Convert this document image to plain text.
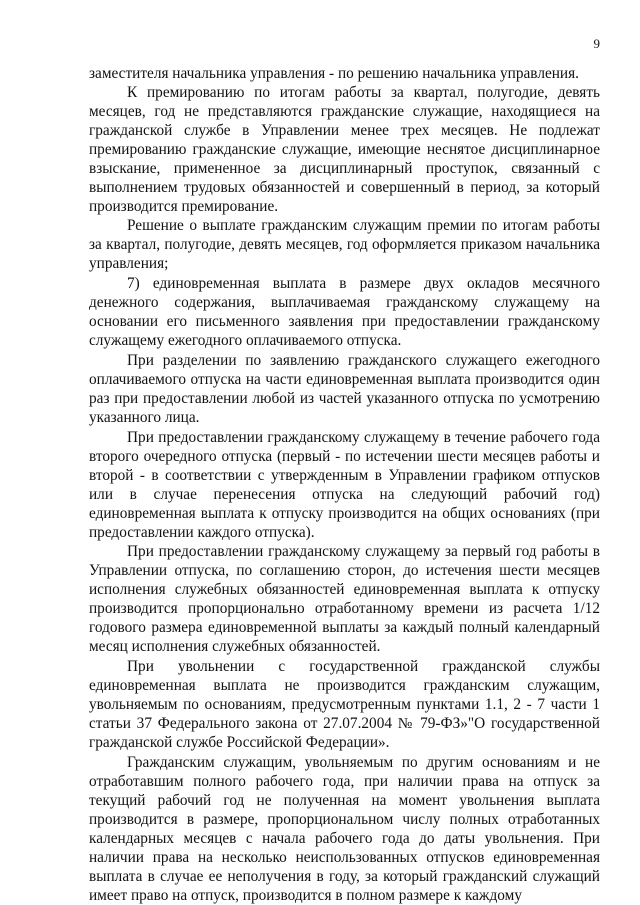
9

заместителя начальника управления - по решению начальника управления.

К премированию по итогам работы за квартал, полугодие, девять месяцев, год не представляются гражданские служащие, находящиеся на гражданской службе в Управлении менее трех месяцев. Не подлежат премированию гражданские служащие, имеющие неснятое дисциплинарное взыскание, примененное за дисциплинарный проступок, связанный с выполнением трудовых обязанностей и совершенный в период, за который производится премирование.

Решение о выплате гражданским служащим премии по итогам работы за квартал, полугодие, девять месяцев, год оформляется приказом начальника управления;

7) единовременная выплата в размере двух окладов месячного денежного содержания, выплачиваемая гражданскому служащему на основании его письменного заявления при предоставлении гражданскому служащему ежегодного оплачиваемого отпуска.

При разделении по заявлению гражданского служащего ежегодного оплачиваемого отпуска на части единовременная выплата производится один раз при предоставлении любой из частей указанного отпуска по усмотрению указанного лица.

При предоставлении гражданскому служащему в течение рабочего года второго очередного отпуска (первый - по истечении шести месяцев работы и второй - в соответствии с утвержденным в Управлении графиком отпусков или в случае перенесения отпуска на следующий рабочий год) единовременная выплата к отпуску производится на общих основаниях (при предоставлении каждого отпуска).

При предоставлении гражданскому служащему за первый год работы в Управлении отпуска, по соглашению сторон, до истечения шести месяцев исполнения служебных обязанностей единовременная выплата к отпуску производится пропорционально отработанному времени из расчета 1/12 годового размера единовременной выплаты за каждый полный календарный месяц исполнения служебных обязанностей.

При увольнении с государственной гражданской службы единовременная выплата не производится гражданским служащим, увольняемым по основаниям, предусмотренным пунктами 1.1, 2 - 7 части 1 статьи 37 Федерального закона от 27.07.2004 № 79-ФЗ»"О государственной гражданской службе Российской Федерации».

Гражданским служащим, увольняемым по другим основаниям и не отработавшим полного рабочего года, при наличии права на отпуск за текущий рабочий год не полученная на момент увольнения выплата производится в размере, пропорциональном числу полных отработанных календарных месяцев с начала рабочего года до даты увольнения. При наличии права на несколько неиспользованных отпусков единовременная выплата в случае ее неполучения в году, за который гражданский служащий имеет право на отпуск, производится в полном размере к каждому
